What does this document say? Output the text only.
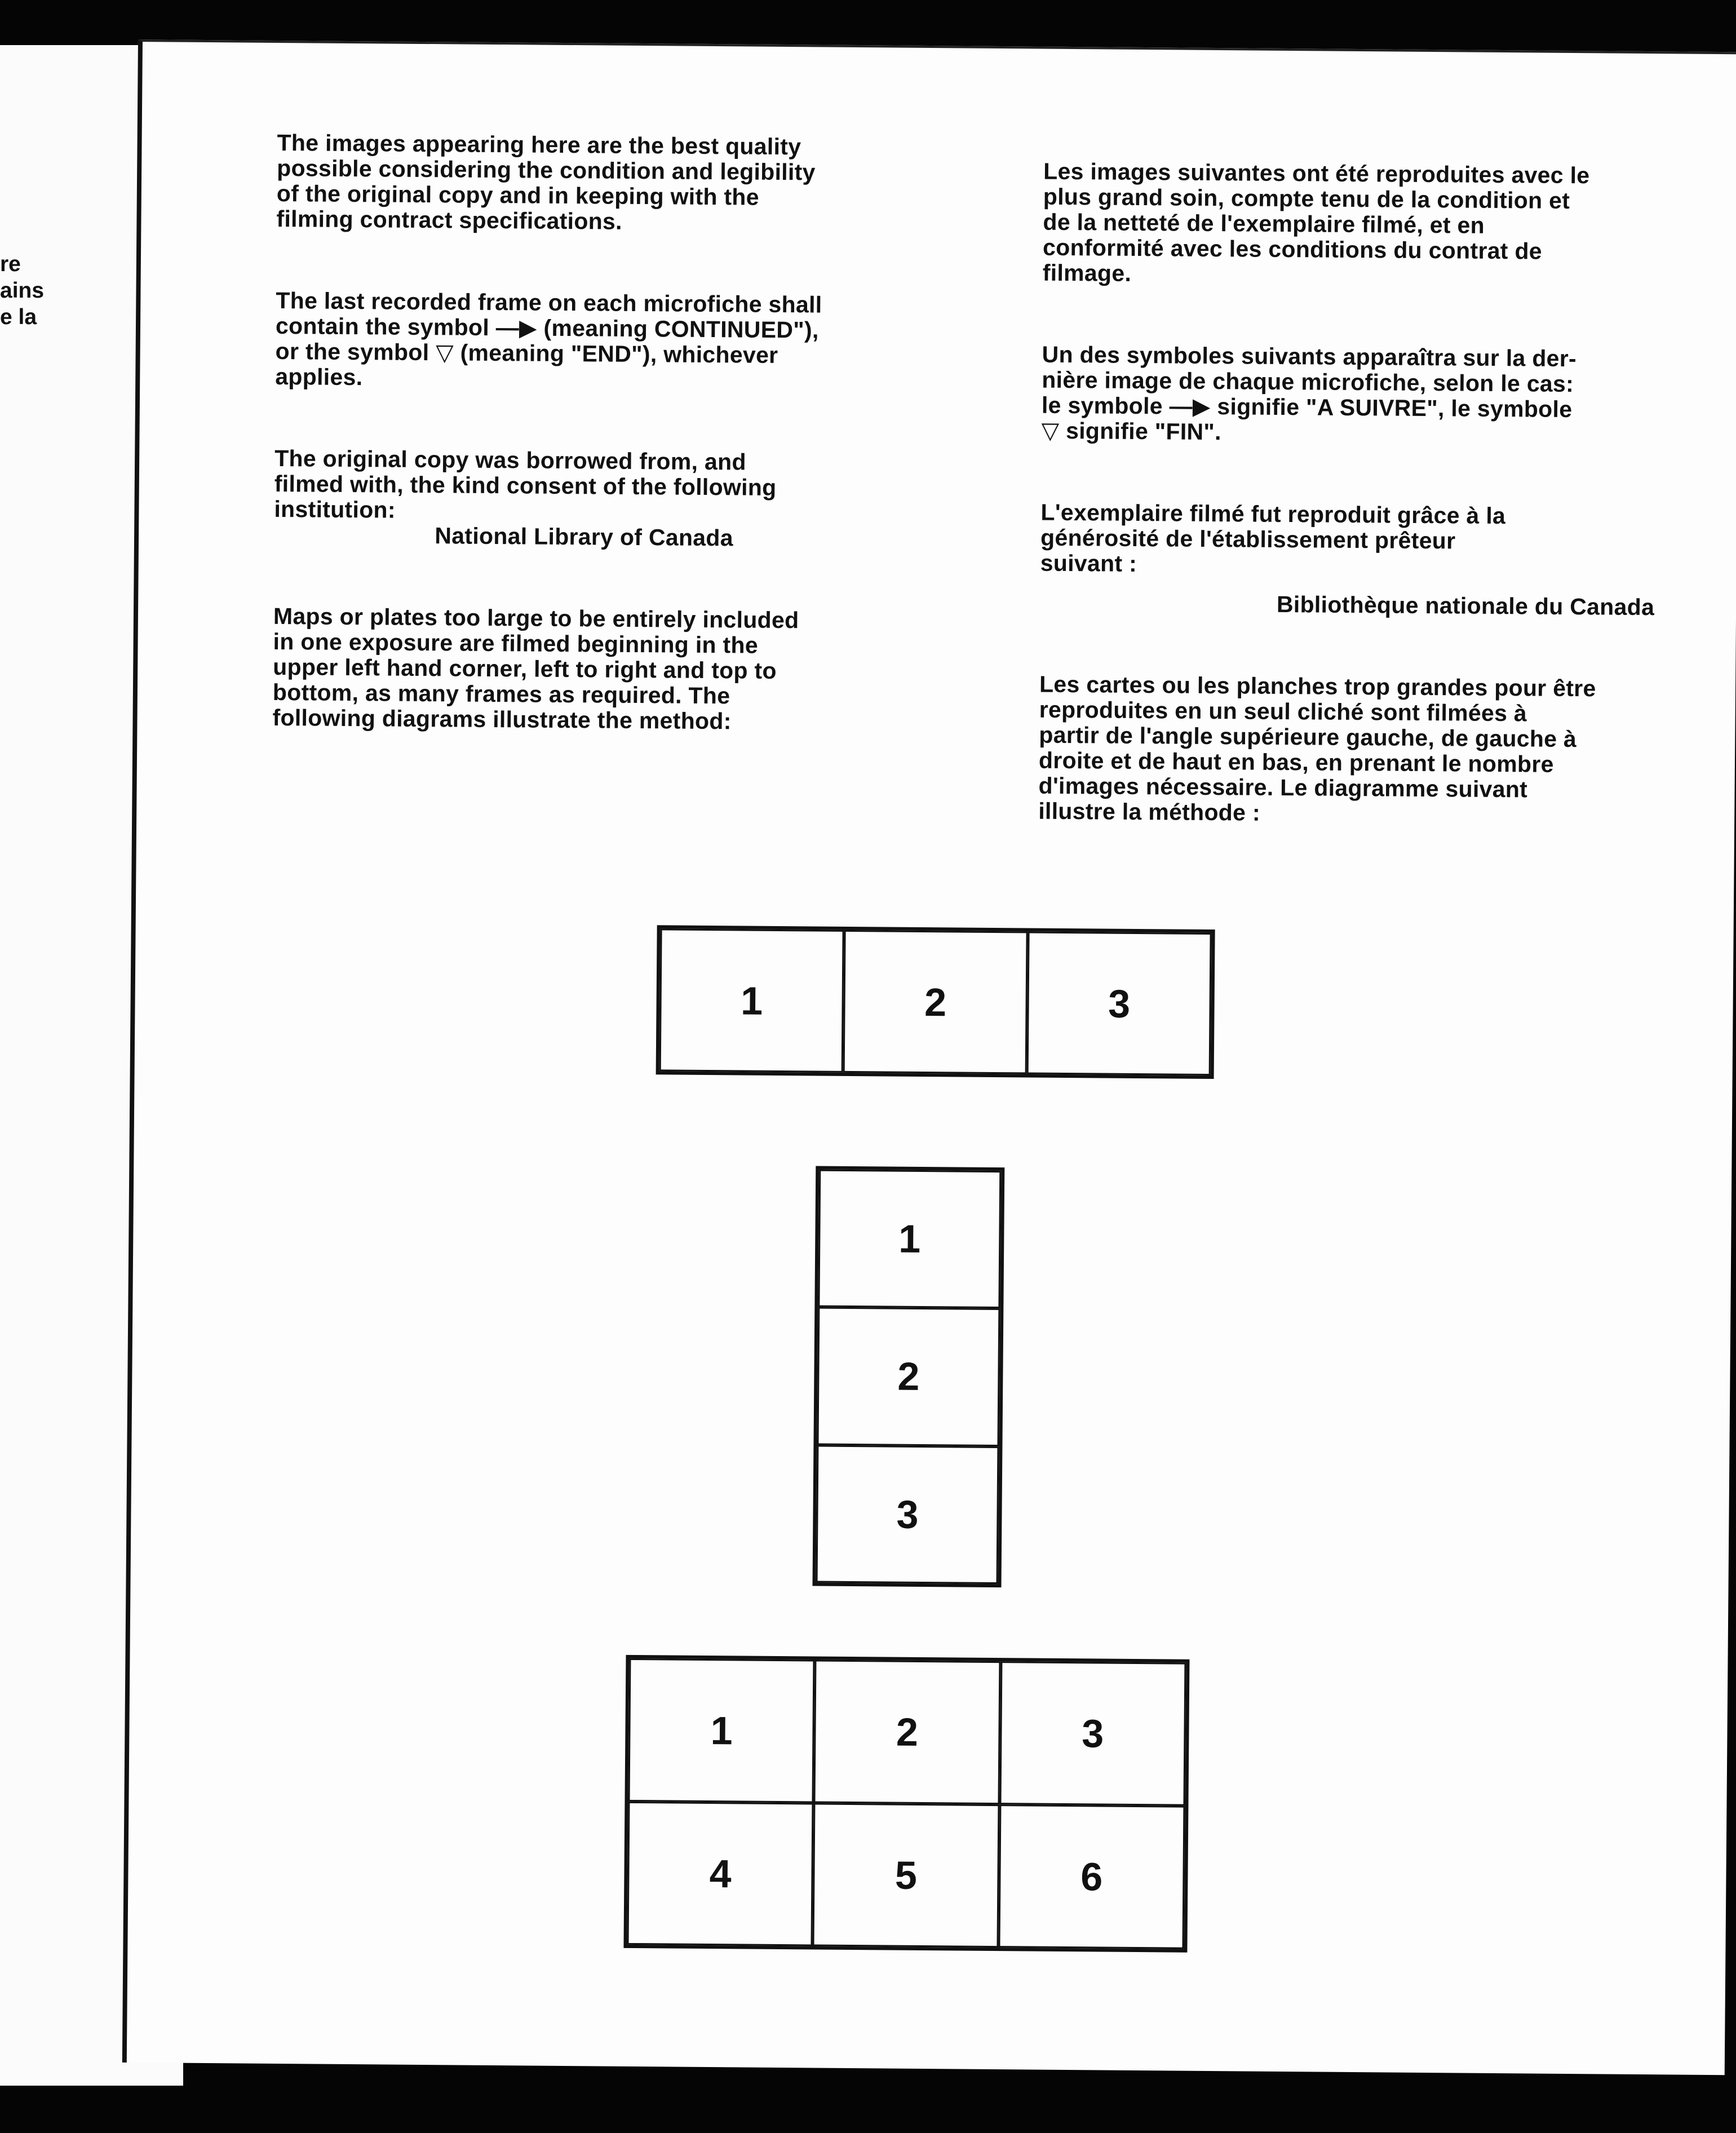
re
ains
e la

The images appearing here are the best quality

possible considering the condition and legibility

of the original copy and in keeping with the

filming contract specifications.

The last recorded frame on each microfiche shall

contain the symbol —▶ (meaning CONTINUED"),

or the symbol ▽ (meaning "END"), whichever

applies.

The original copy was borrowed from, and

filmed with, the kind consent of the following

institution:

National Library of Canada

Maps or plates too large to be entirely included

in one exposure are filmed beginning in the

upper left hand corner, left to right and top to

bottom, as many frames as required. The

following diagrams illustrate the method:

Les images suivantes ont été reproduites avec le

plus grand soin, compte tenu de la condition et

de la netteté de l'exemplaire filmé, et en

conformité avec les conditions du contrat de

filmage.

Un des symboles suivants apparaîtra sur la der-

nière image de chaque microfiche, selon le cas:

le symbole —▶ signifie "A SUIVRE", le symbole

▽ signifie "FIN".

L'exemplaire filmé fut reproduit grâce à la

générosité de l'établissement prêteur

suivant :

Bibliothèque nationale du Canada

Les cartes ou les planches trop grandes pour être

reproduites en un seul cliché sont filmées à

partir de l'angle supérieure gauche, de gauche à

droite et de haut en bas, en prenant le nombre

d'images nécessaire. Le diagramme suivant

illustre la méthode :

1	2	3
1
2
3
1	2	3
4	5	6
